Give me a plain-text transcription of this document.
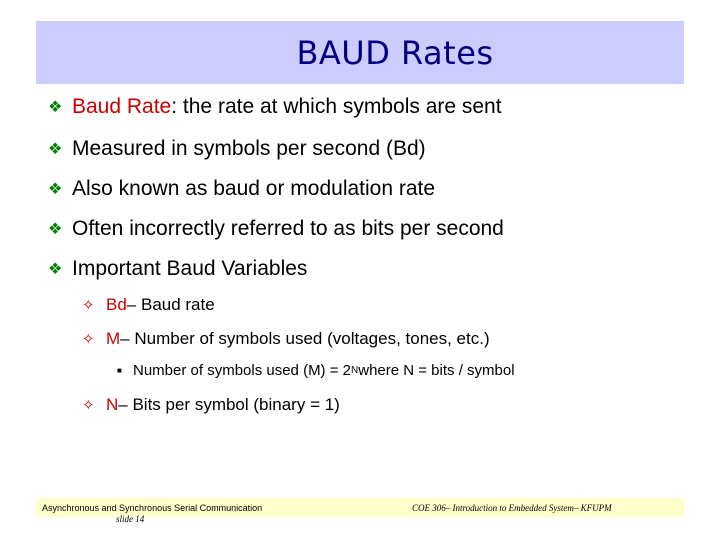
BAUD Rates
❖ Baud Rate : the rate at which symbols are sent
❖ Measured in symbols per second (Bd)
❖ Also known as baud or modulation rate
❖ Often incorrectly referred to as bits per second
❖ Important Baud Variables
✧ Bd – Baud rate
✧ M – Number of symbols used (voltages, tones, etc.)
■ Number of symbols used (M) = 2 N where N = bits / symbol
✧ N – Bits per symbol (binary = 1)
Asynchronous and Synchronous Serial Communication
slide 14
COE 306– Introduction to Embedded System– KFUPM
